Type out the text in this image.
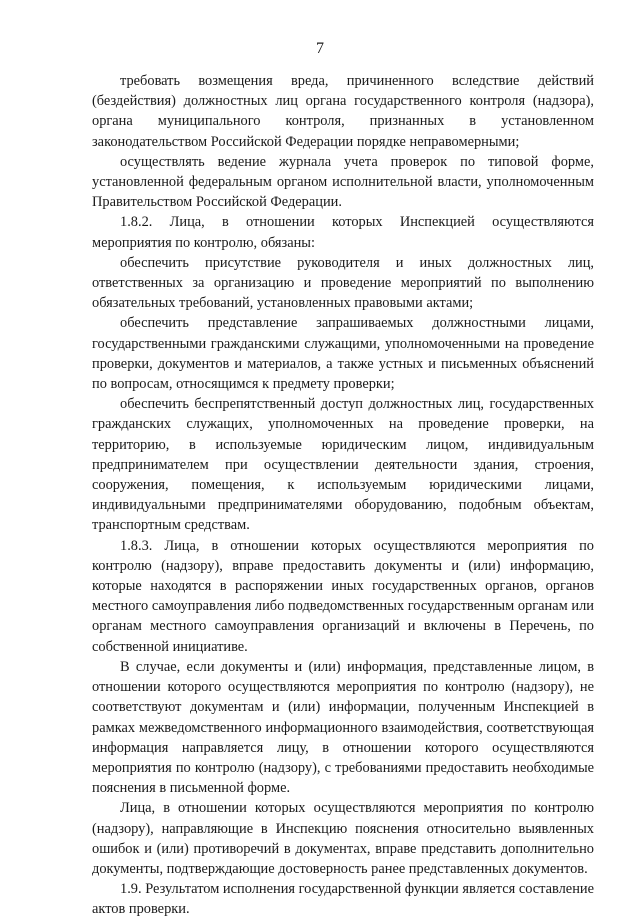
7

требовать возмещения вреда, причиненного вследствие действий (бездействия) должностных лиц органа государственного контроля (надзора), органа муниципального контроля, признанных в установленном законодательством Российской Федерации порядке неправомерными;

осуществлять ведение журнала учета проверок по типовой форме, установленной федеральным органом исполнительной власти, уполномоченным Правительством Российской Федерации.

1.8.2. Лица, в отношении которых Инспекцией осуществляются мероприятия по контролю, обязаны:

обеспечить присутствие руководителя и иных должностных лиц, ответственных за организацию и проведение мероприятий по выполнению обязательных требований, установленных правовыми актами;

обеспечить представление запрашиваемых должностными лицами, государственными гражданскими служащими, уполномоченными на проведение проверки, документов и материалов, а также устных и письменных объяснений по вопросам, относящимся к предмету проверки;

обеспечить беспрепятственный доступ должностных лиц, государственных гражданских служащих, уполномоченных на проведение проверки, на территорию, в используемые юридическим лицом, индивидуальным предпринимателем при осуществлении деятельности здания, строения, сооружения, помещения, к используемым юридическими лицами, индивидуальными предпринимателями оборудованию, подобным объектам, транспортным средствам.

1.8.3. Лица, в отношении которых осуществляются мероприятия по контролю (надзору), вправе предоставить документы и (или) информацию, которые находятся в распоряжении иных государственных органов, органов местного самоуправления либо подведомственных государственным органам или органам местного самоуправления организаций и включены в Перечень, по собственной инициативе.

В случае, если документы и (или) информация, представленные лицом, в отношении которого осуществляются мероприятия по контролю (надзору), не соответствуют документам и (или) информации, полученным Инспекцией в рамках межведомственного информационного взаимодействия, соответствующая информация направляется лицу, в отношении которого осуществляются мероприятия по контролю (надзору), с требованиями предоставить необходимые пояснения в письменной форме.

Лица, в отношении которых осуществляются мероприятия по контролю (надзору), направляющие в Инспекцию пояснения относительно выявленных ошибок и (или) противоречий в документах, вправе представить дополнительно документы, подтверждающие достоверность ранее представленных документов.

1.9. Результатом исполнения государственной функции является составление актов проверки.
